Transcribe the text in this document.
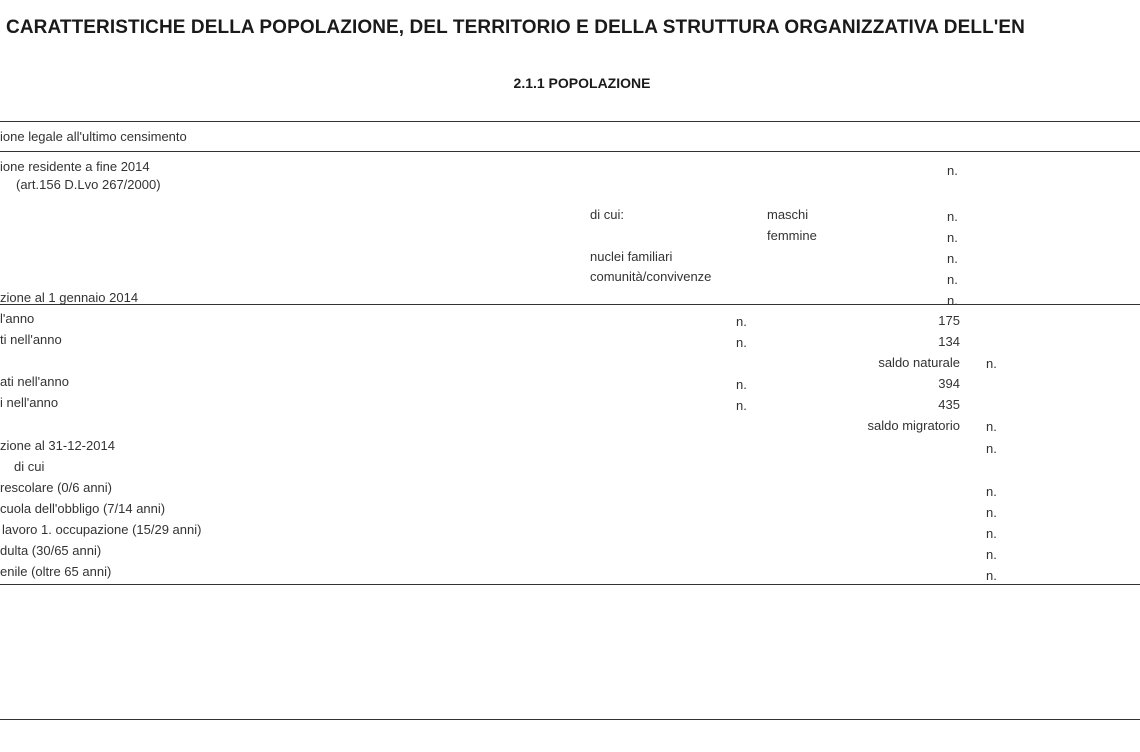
CARATTERISTICHE DELLA POPOLAZIONE, DEL TERRITORIO E DELLA STRUTTURA ORGANIZZATIVA DELL'EN
2.1.1 POPOLAZIONE
ione legale all'ultimo censimento
ione residente a fine 2014	n.
(art.156 D.Lvo 267/2000)
di cui:	maschi	n.
femmine	n.
nuclei familiari	n.
comunità/convivenze	n.
zione al 1 gennaio 2014	n.
l'anno	n.	175
ti nell'anno	n.	134
saldo naturale n.
ati nell'anno	n.	394
i nell'anno	n.	435
saldo migratorio n.
zione al 31-12-2014	n.
di cui
rescolare (0/6 anni)	n.
cuola dell'obbligo (7/14 anni)	n.
lavoro 1. occupazione (15/29 anni)	n.
dulta (30/65 anni)	n.
enile (oltre 65 anni)	n.
